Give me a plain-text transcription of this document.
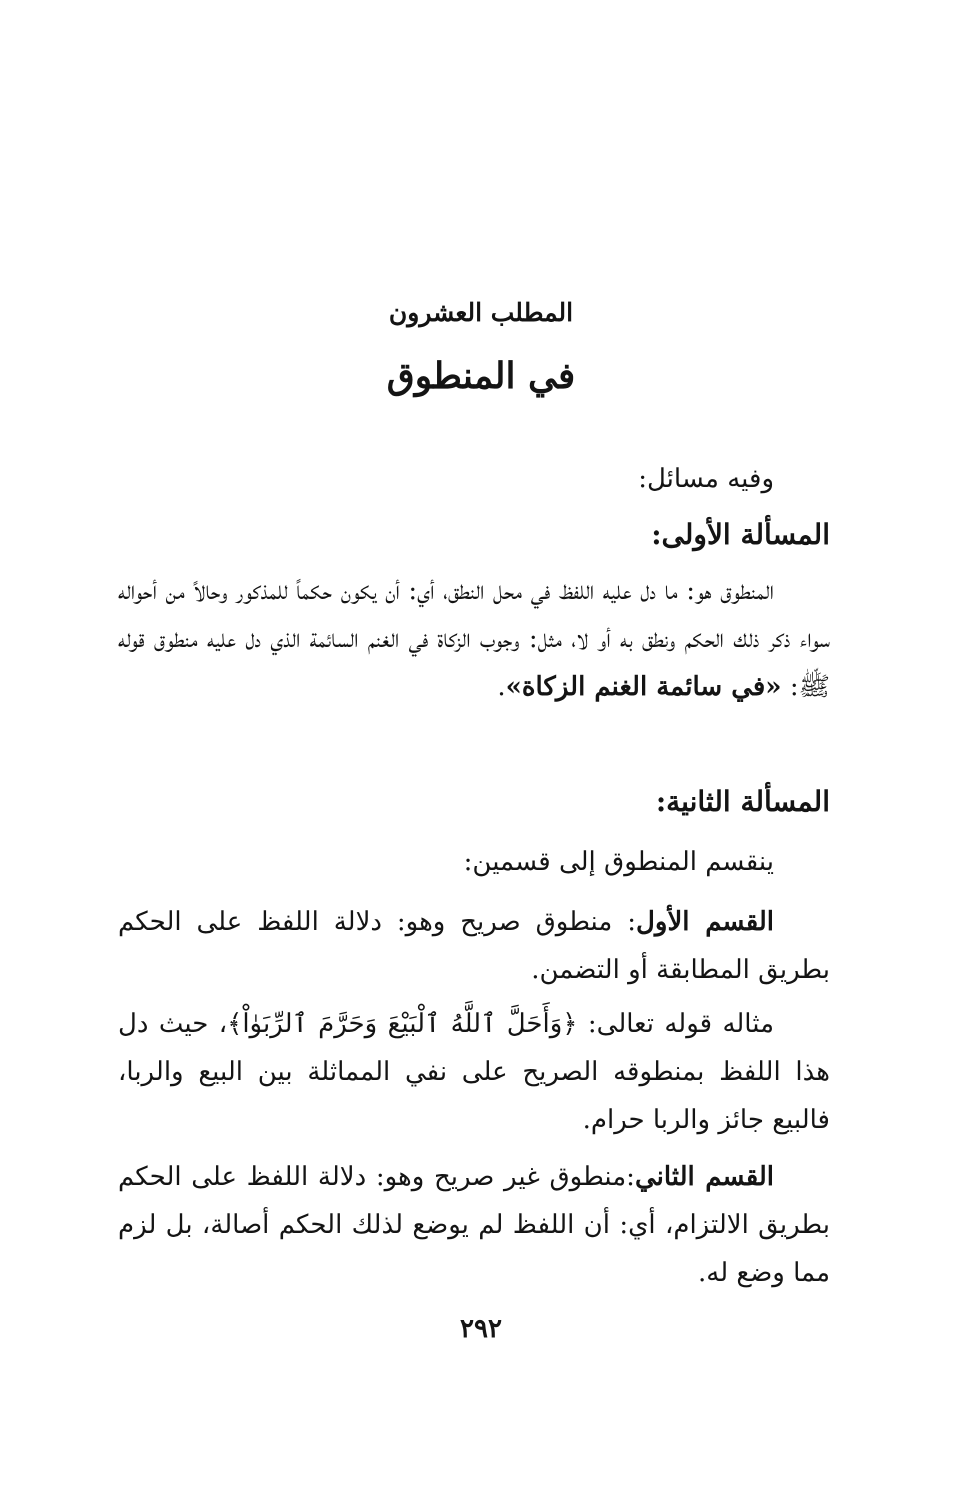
المطلب العشرون
في المنطوق
وفيه مسائل:
المسألة الأولى:
المنطوق هو: ما دل عليه اللفظ في محل النطق، أي: أن يكون حكماً للمذكور وحالاً من أحواله سواء ذكر ذلك الحكم ونطق به أو لا، مثل: وجوب الزكاة في الغنم السائمة الذي دل عليه منطوق قوله ﷺ: «في سائمة الغنم الزكاة».
المسألة الثانية:
ينقسم المنطوق إلى قسمين:
القسم الأول: منطوق صريح وهو: دلالة اللفظ على الحكم بطريق المطابقة أو التضمن.
مثاله قوله تعالى: ﴿وَأَحَلَّ ٱللَّهُ ٱلْبَيْعَ وَحَرَّمَ ٱلرِّبَوٰاْ﴾، حيث دل هذا اللفظ بمنطوقه الصريح على نفي المماثلة بين البيع والربا، فالبيع جائز والربا حرام.
القسم الثاني:منطوق غير صريح وهو: دلالة اللفظ على الحكم بطريق الالتزام، أي: أن اللفظ لم يوضع لذلك الحكم أصالة، بل لزم مما وضع له.
٢٩٢
